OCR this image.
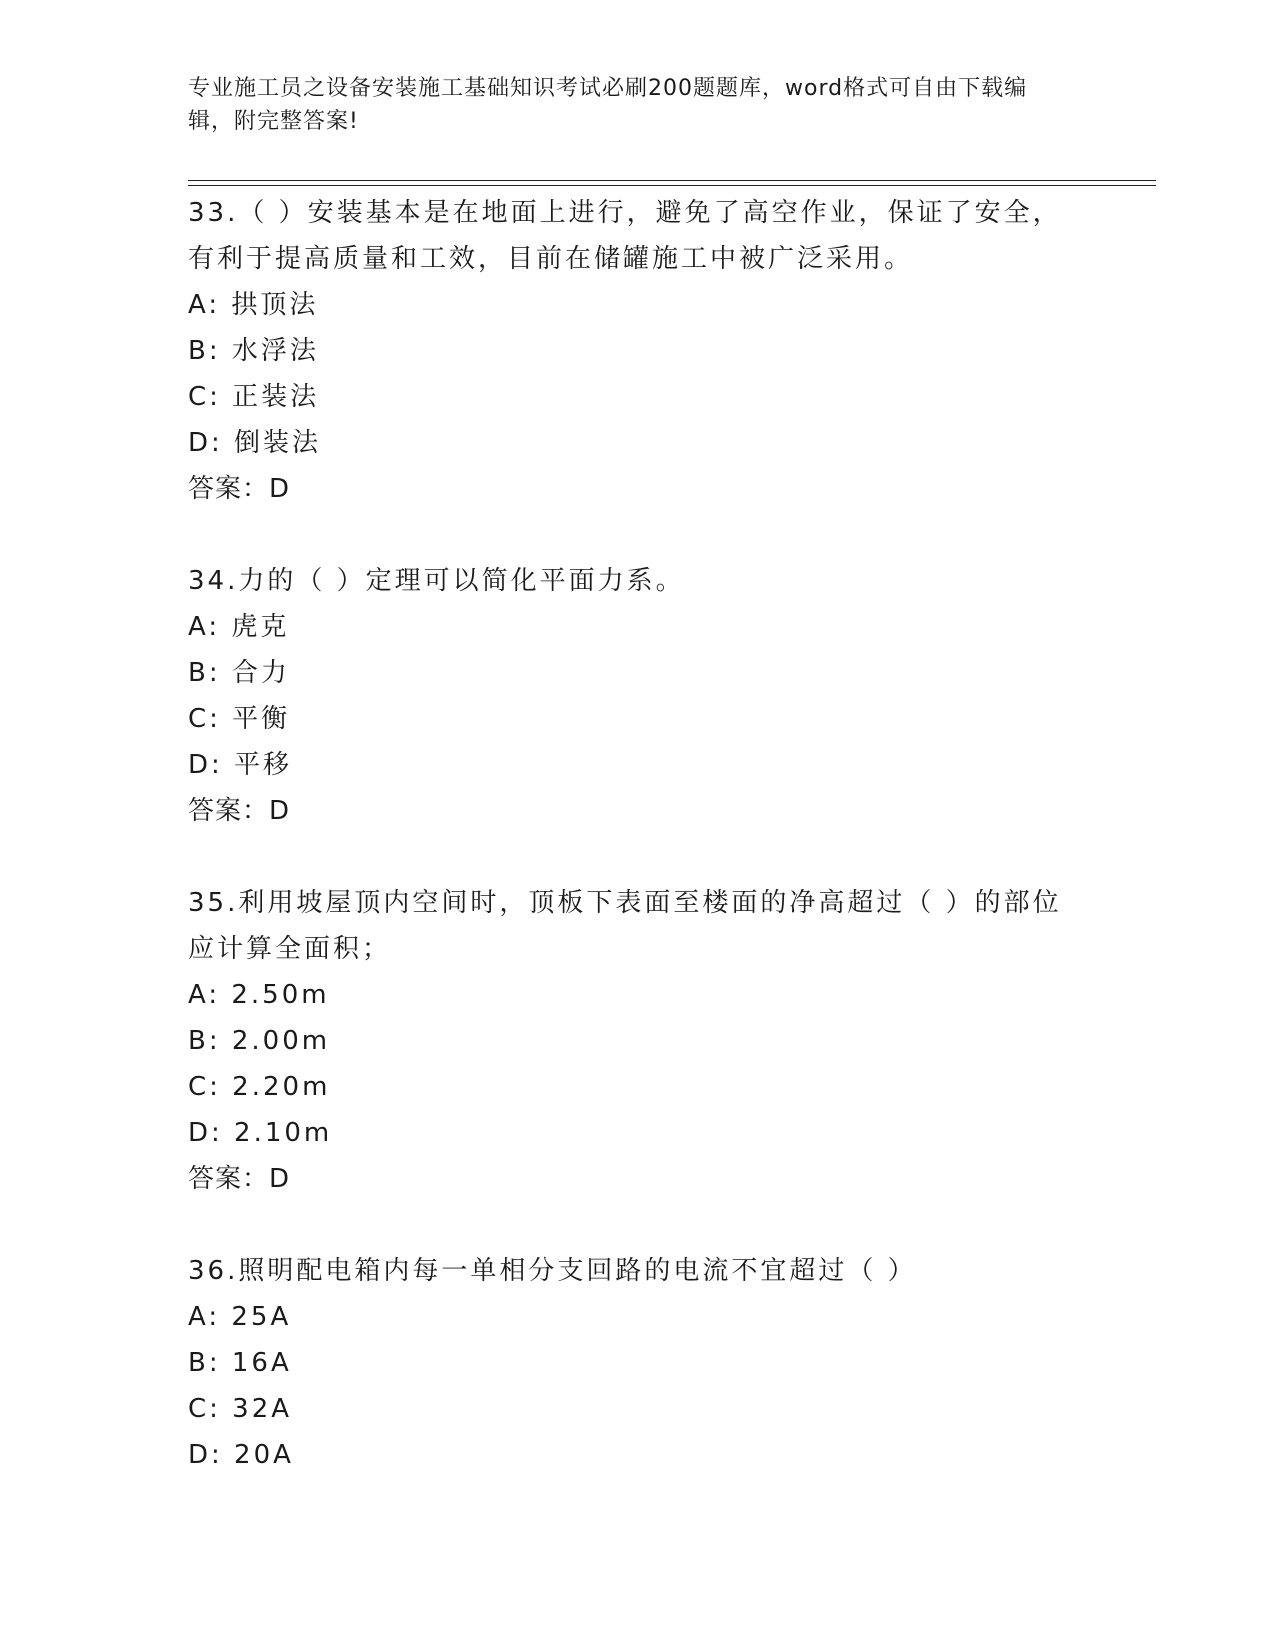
专业施工员之设备安装施工基础知识考试必刷200题题库，word格式可自由下载编辑，附完整答案!
33.（ ）安装基本是在地面上进行，避免了高空作业，保证了安全，有利于提高质量和工效，目前在储罐施工中被广泛采用。
A: 拱顶法
B: 水浮法
C: 正装法
D: 倒装法
答案：D
34.力的（ ）定理可以简化平面力系。
A: 虎克
B: 合力
C: 平衡
D: 平移
答案：D
35.利用坡屋顶内空间时，顶板下表面至楼面的净高超过（ ）的部位应计算全面积；
A: 2.50m
B: 2.00m
C: 2.20m
D: 2.10m
答案：D
36.照明配电箱内每一单相分支回路的电流不宜超过（ ）
A: 25A
B: 16A
C: 32A
D: 20A
